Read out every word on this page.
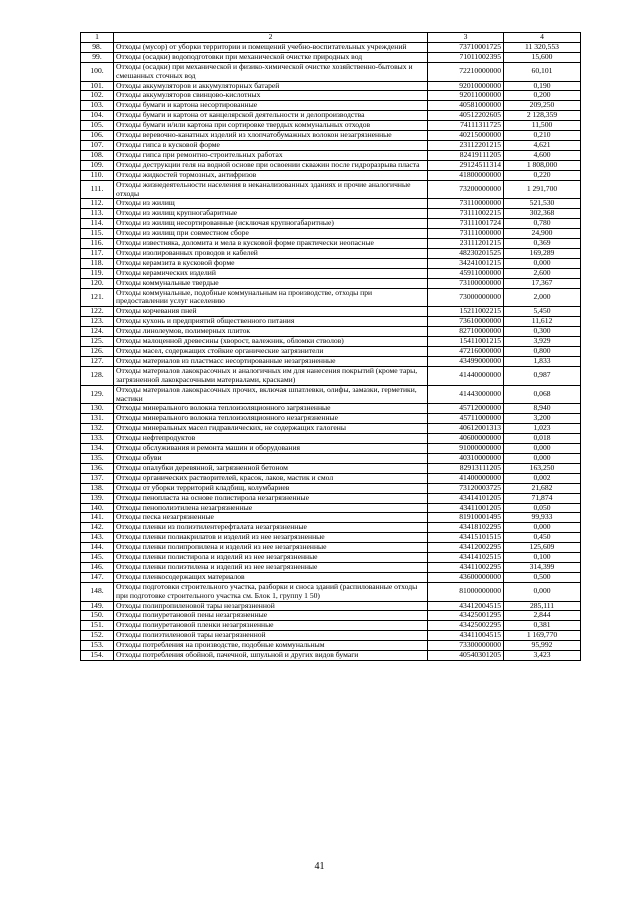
1	2	3	4
98.	Отходы (мусор) от уборки территории и помещений учебно-воспитательных учреждений	73710001725	11 320,553
99.	Отходы (осадки) водоподготовки при механической очистке природных вод	71011002395	15,600
100.	Отходы (осадки) при механической и физико-химической очистке хозяйственно-бытовых и смешанных сточных вод	72210000000	60,101
101.	Отходы аккумуляторов и аккумуляторных батарей	92010000000	0,190
102.	Отходы аккумуляторов свинцово-кислотных	92011000000	0,200
103.	Отходы бумаги и картона несортированные	40581000000	209,250
104.	Отходы бумаги и картона от канцелярской деятельности и делопроизводства	40512202605	2 128,359
105.	Отходы бумаги и/или картона при сортировке твердых коммунальных отходов	74111311725	11,500
106.	Отходы веревочно-канатных изделий из хлопчатобумажных волокон незагрязненные	40215000000	0,210
107.	Отходы гипса в кусковой форме	23112201215	4,621
108.	Отходы гипса при ремонтно-строительных работах	82419111205	4,600
109.	Отходы деструкции геля на водной основе при освоении скважин после гидроразрыва пласта	29124511314	1 808,000
110.	Отходы жидкостей тормозных, антифризов	41800000000	0,220
111.	Отходы жизнедеятельности населения в неканализованных зданиях и прочие аналогичные отходы	73200000000	1 291,700
112.	Отходы из жилищ	73110000000	521,530
113.	Отходы из жилищ крупногабаритные	73111002215	302,368
114.	Отходы из жилищ несортированные (исключая крупногабаритные)	73111001724	0,780
115.	Отходы из жилищ при совместном сборе	73111000000	24,900
116.	Отходы известняка, доломита и мела в кусковой форме практически неопасные	23111201215	0,369
117.	Отходы изолированных проводов и кабелей	48230201525	169,289
118.	Отходы керамзита в кусковой форме	34241001215	0,000
119.	Отходы керамических изделий	45911000000	2,600
120.	Отходы коммунальные твердые	73100000000	17,367
121.	Отходы коммунальные, подобные коммунальным на производстве, отходы при предоставлении услуг населению	73000000000	2,000
122.	Отходы корчевания пней	15211002215	5,450
123.	Отходы кухонь и предприятий общественного питания	73610000000	11,612
124.	Отходы линолеумов, полимерных плиток	82710000000	0,300
125.	Отходы малоценной древесины (хворост, валежник, обломки стволов)	15411001215	3,929
126.	Отходы масел, содержащих стойкие органические загрязнители	47216000000	0,800
127.	Отходы материалов из пластмасс несортированные незагрязненные	43499000000	1,833
128.	Отходы материалов лакокрасочных и аналогичных им для нанесения покрытий (кроме тары, загрязненной лакокрасочными материалами, красками)	41440000000	0,987
129.	Отходы материалов лакокрасочных прочих, включая шпатлевки, олифы, замазки, герметики, мастики	41443000000	0,068
130.	Отходы минерального волокна теплоизоляционного загрязненные	45712000000	8,940
131.	Отходы минерального волокна теплоизоляционного незагрязненные	45711000000	3,200
132.	Отходы минеральных масел гидравлических, не содержащих галогены	40612001313	1,023
133.	Отходы нефтепродуктов	40600000000	0,018
134.	Отходы обслуживания и ремонта машин и оборудования	91000000000	0,000
135.	Отходы обуви	40310000000	0,000
136.	Отходы опалубки деревянной, загрязненной бетоном	82913111205	163,250
137.	Отходы органических растворителей, красок, лаков, мастик и смол	41400000000	0,002
138.	Отходы от уборки территорий кладбищ, колумбариев	73120003725	21,682
139.	Отходы пенопласта на основе полистирола незагрязненные	43414101205	71,874
140.	Отходы пенополиэтилена незагрязненные	43411001205	0,050
141.	Отходы песка незагрязненные	81910001495	99,933
142.	Отходы пленки из полиэтилентерефталата незагрязненные	43418102295	0,000
143.	Отходы пленки полиакрилатов и изделий из нее незагрязненные	43415101515	0,450
144.	Отходы пленки полипропилена и изделий из нее незагрязненные	43412002295	125,609
145.	Отходы пленки полистирола и изделий из нее незагрязненные	43414102515	0,100
146.	Отходы пленки полиэтилена и изделий из нее незагрязненные	43411002295	314,399
147.	Отходы пленкосодержащих материалов	43600000000	0,500
148.	Отходы подготовки строительного участка, разборки и сноса зданий (распилованные отходы при подготовке строительного участка см. Блок 1, группу 1 50)	81000000000	0,000
149.	Отходы полипропиленовой тары незагрязненной	43412004515	285,111
150.	Отходы полиуретановой пены незагрязненные	43425001295	2,844
151.	Отходы полиуретановой пленки незагрязненные	43425002295	0,381
152.	Отходы полиэтиленовой тары незагрязненной	43411004515	1 169,770
153.	Отходы потребления на производстве, подобные коммунальным	73300000000	95,992
154.	Отходы потребления обойной, пачечной, шпульной и других видов бумаги	40540301205	3,423
41
